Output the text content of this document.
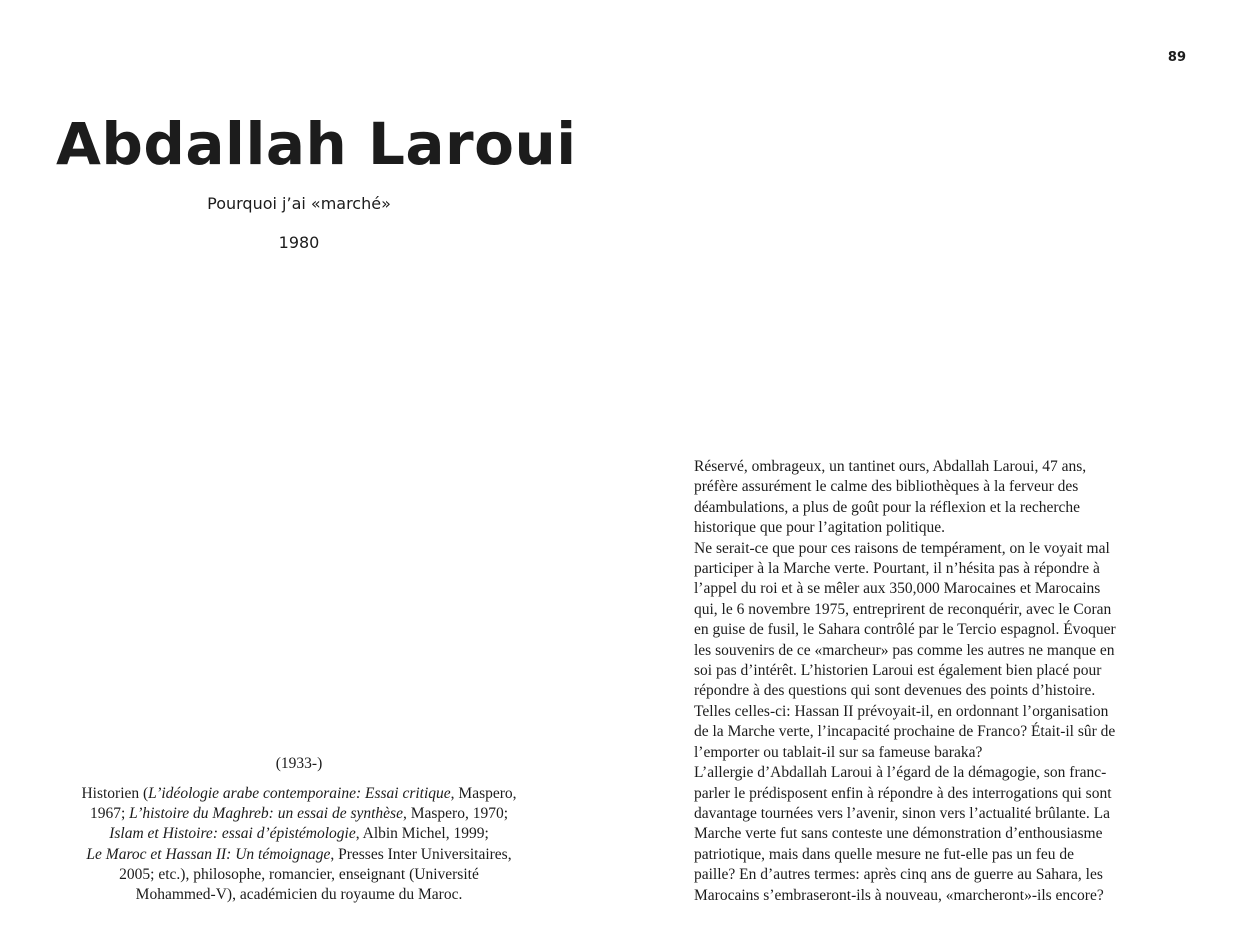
89
Abdallah Laroui
Pourquoi j’ai «marché»
1980
(1933-)
Historien (L’idéologie arabe contemporaine: Essai critique, Maspero,
1967; L’histoire du Maghreb: un essai de synthèse, Maspero, 1970;
Islam et Histoire: essai d’épistémologie, Albin Michel, 1999;
Le Maroc et Hassan II: Un témoignage, Presses Inter Universitaires,
2005; etc.), philosophe, romancier, enseignant (Université
Mohammed-V), académicien du royaume du Maroc.
Réservé, ombrageux, un tantinet ours, Abdallah Laroui, 47 ans,
préfère assurément le calme des bibliothèques à la ferveur des
déambulations, a plus de goût pour la réflexion et la recherche
historique que pour l’agitation politique.
Ne serait-ce que pour ces raisons de tempérament, on le voyait mal
participer à la Marche verte. Pourtant, il n’hésita pas à répondre à
l’appel du roi et à se mêler aux 350,000 Marocaines et Marocains
qui, le 6 novembre 1975, entreprirent de reconquérir, avec le Coran
en guise de fusil, le Sahara contrôlé par le Tercio espagnol. Évoquer
les souvenirs de ce «marcheur» pas comme les autres ne manque en
soi pas d’intérêt. L’historien Laroui est également bien placé pour
répondre à des questions qui sont devenues des points d’histoire.
Telles celles-ci: Hassan II prévoyait-il, en ordonnant l’organisation
de la Marche verte, l’incapacité prochaine de Franco? Était-il sûr de
l’emporter ou tablait-il sur sa fameuse baraka?
L’allergie d’Abdallah Laroui à l’égard de la démagogie, son franc-
parler le prédisposent enfin à répondre à des interrogations qui sont
davantage tournées vers l’avenir, sinon vers l’actualité brûlante. La
Marche verte fut sans conteste une démonstration d’enthousiasme
patriotique, mais dans quelle mesure ne fut-elle pas un feu de
paille? En d’autres termes: après cinq ans de guerre au Sahara, les
Marocains s’embraseront-ils à nouveau, «marcheront»-ils encore?
